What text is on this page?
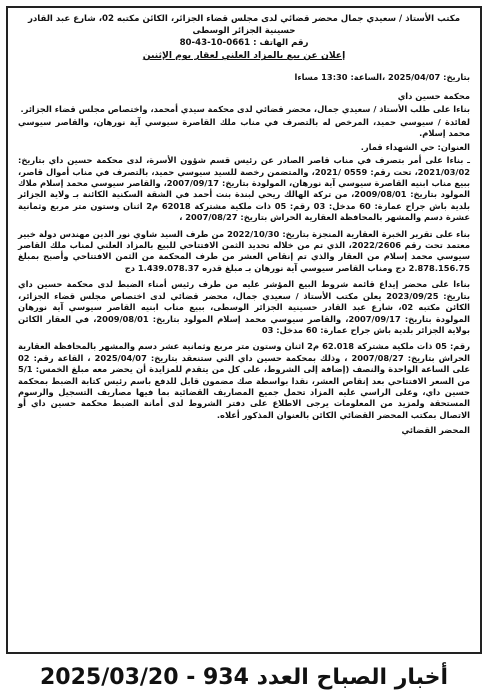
مكتب الأستاذ / سعيدي جمال محضر قضائي لدى مجلس قضاء الجزائر، الكائن مكتبه 02، شارع عبد القادر حسينية الجزائر الوسطى
رقم الهاتف : 0661-10-43-80
إعلان عن بيع بالمزاد العلني لعقار يوم الإثنين
بتاريخ: 2025/04/07 ،الساعة: 13:30 مساءا
محكمة حسين داي

بناءا على طلب الأستاذ / سعيدي جمال، محضر قضائي لدى محكمة سيدي أمحمد، واختصاص مجلس قضاء الجزائر.

لفائدة / سيوسي حميد، المرخص له بالتصرف في مناب ملك القاصرة سيوسي آية نورهان، والقاصر سيوسي محمد إسلام.

العنوان: حي الشهداء قمار.

ـ بناءا على أمر بتصرف في مناب قاصر الصادر عن رئيس قسم شؤون الأسرة، لدى محكمة حسين داي بتاريخ: 2021/03/02، تحت رقم: 0559 /2021، والمتضمن رخصة للسيد سيوسي حميد، بالتصرف في مناب أموال قاصر، ببيع مناب ابنيه القاصرة سيوسي آية نورهان، المولودة بتاريخ: 2007/09/17، والقاصر سيوسي محمد إسلام ملاك المولود بتاريخ: 2009/08/01، من تركة الهالك ريحي لبندة بنت أحمد في الشقة السكنية الكائنة بـ ولاية الجزائر بلدية باش جراح عمارة: 60 مدخل: 03 رقم: 05 ذات ملكية مشتركة 62018 م2 اثنان وستون متر مربع وثمانية عشرة دسم والمشهر بالمحافظة العقارية الحراش بتاريخ: 2007/08/27 ،

بناء على تقرير الخبرة العقارية المنجزة بتاريخ: 2022/10/30 من طرف السيد شاوي نور الدين مهندس دولة خبير معتمد تحت رقم 2022/2606، الذي تم من خلاله تحديد الثمن الافتتاحي للبيع بالمزاد العلني لمناب ملك القاصر سيوسي محمد إسلام من العقار والذي تم إنقاص العشر من طرف المحكمة من الثمن الافتتاحي وأصبح بمبلغ 2.878.156.75 دج ومناب القاصر سيوسي آية نورهان بـ مبلغ قدره 1.439.078.37 دج

بناءا على محضر إيداع قائمة شروط البيع المؤشر عليه من طرف رئيس أمناء الضبط لدى محكمة حسين داي بتاريخ: 2023/09/25 يعلن مكتب الأستاذ / سعيدي جمال، محضر قضائي لدى اختصاص مجلس قضاء الجزائر، الكائن مكتبه 02، شارع عبد القادر حسينية الجزائر الوسطى، ببيع مناب ابنيه القاصر سيوسي آية نورهان المولودة بتاريخ: 2007/09/17، والقاصر سيوسي محمد إسلام المولود بتاريخ: 2009/08/01، في العقار الكائن بولاية الجزائر بلدية باش جراح عمارة: 60 مدخل: 03

رقم: 05 ذات ملكية مشتركة 62.018 م2 اثنان وستون متر مربع وثمانية عشر دسم والمشهر بالمحافظة العقارية الحراش بتاريخ: 2007/08/27 ، وذلك بمحكمة حسين داي التي ستنعقد بتاريخ: 2025/04/07 ، القاعة رقم: 02 على الساعة الواحدة والنصف (إضافة إلى الشروط، على كل من يتقدم للمزايدة أن يحضر معه مبلغ الخمس: 5/1 من السعر الافتتاحي بعد إنقاص العشر، نقدا بواسطة صك مضمون قابل للدفع باسم رئيس كتابة الضبط بمحكمة حسين داي، وعلى الراسي عليه المزاد تحمل جميع المصاريف القضائية بما فيها مصاريف التسجيل والرسوم المستحقة ولمزيد من المعلومات يرجى الاطلاع على دفتر الشروط لدى أمانة الضبط محكمة حسين داي أو الاتصال بمكتب المحضر القضائي الكائن بالعنوان المذكور أعلاه.

المحضر القضائي
أخبار الصباح العدد 934 - 2025/03/20
